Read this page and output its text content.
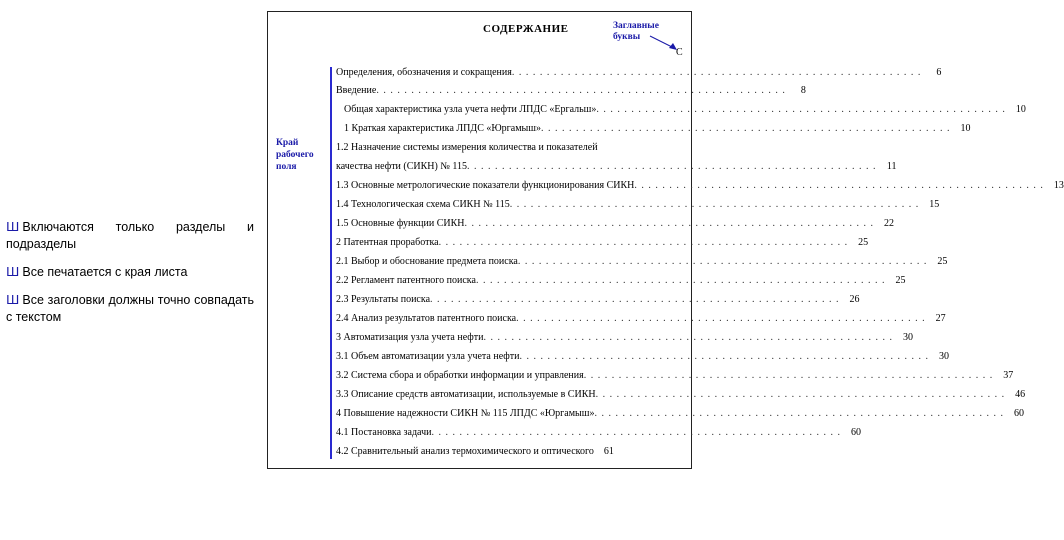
Ш Включаются только разделы и подразделы
Ш Все печатается с края листа
Ш Все заголовки должны точно совпадать с текстом
СОДЕРЖАНИЕ	Заглавные буквы
С
Край рабочего поля
Определения, обозначения и сокращения . . .	6
Введение . . .	8
Общая характеристика узла учета нефти ЛПДС «Ергальш» . . .	10
1 Краткая характеристика ЛПДС «Юргамыш» . . .	10
1.2 Назначение системы измерения количества и показателей
качества нефти (СИКН) № 115 . . .	11
1.3 Основные метрологические показатели функционирования СИКН . . .	13
1.4 Технологическая схема СИКН № 115 . . .	15
1.5 Основные функции СИКН . . .	22
2 Патентная проработка . . .	25
2.1 Выбор и обоснование предмета поиска . . .	25
2.2 Регламент патентного поиска . . .	25
2.3 Результаты поиска . . .	26
2.4 Анализ результатов патентного поиска . . .	27
3 Автоматизация узла учета нефти . . .	30
3.1 Объем автоматизации узла учета нефти . . .	30
3.2 Система сбора и обработки информации и управления . . .	37
3.3 Описание средств автоматизации, используемые в СИКН . . .	46
4 Повышение надежности СИКН № 115 ЛПДС «Юргамыш» . . .	60
4.1 Постановка задачи . . .	60
4.2 Сравнительный анализ термохимического и оптического	61
